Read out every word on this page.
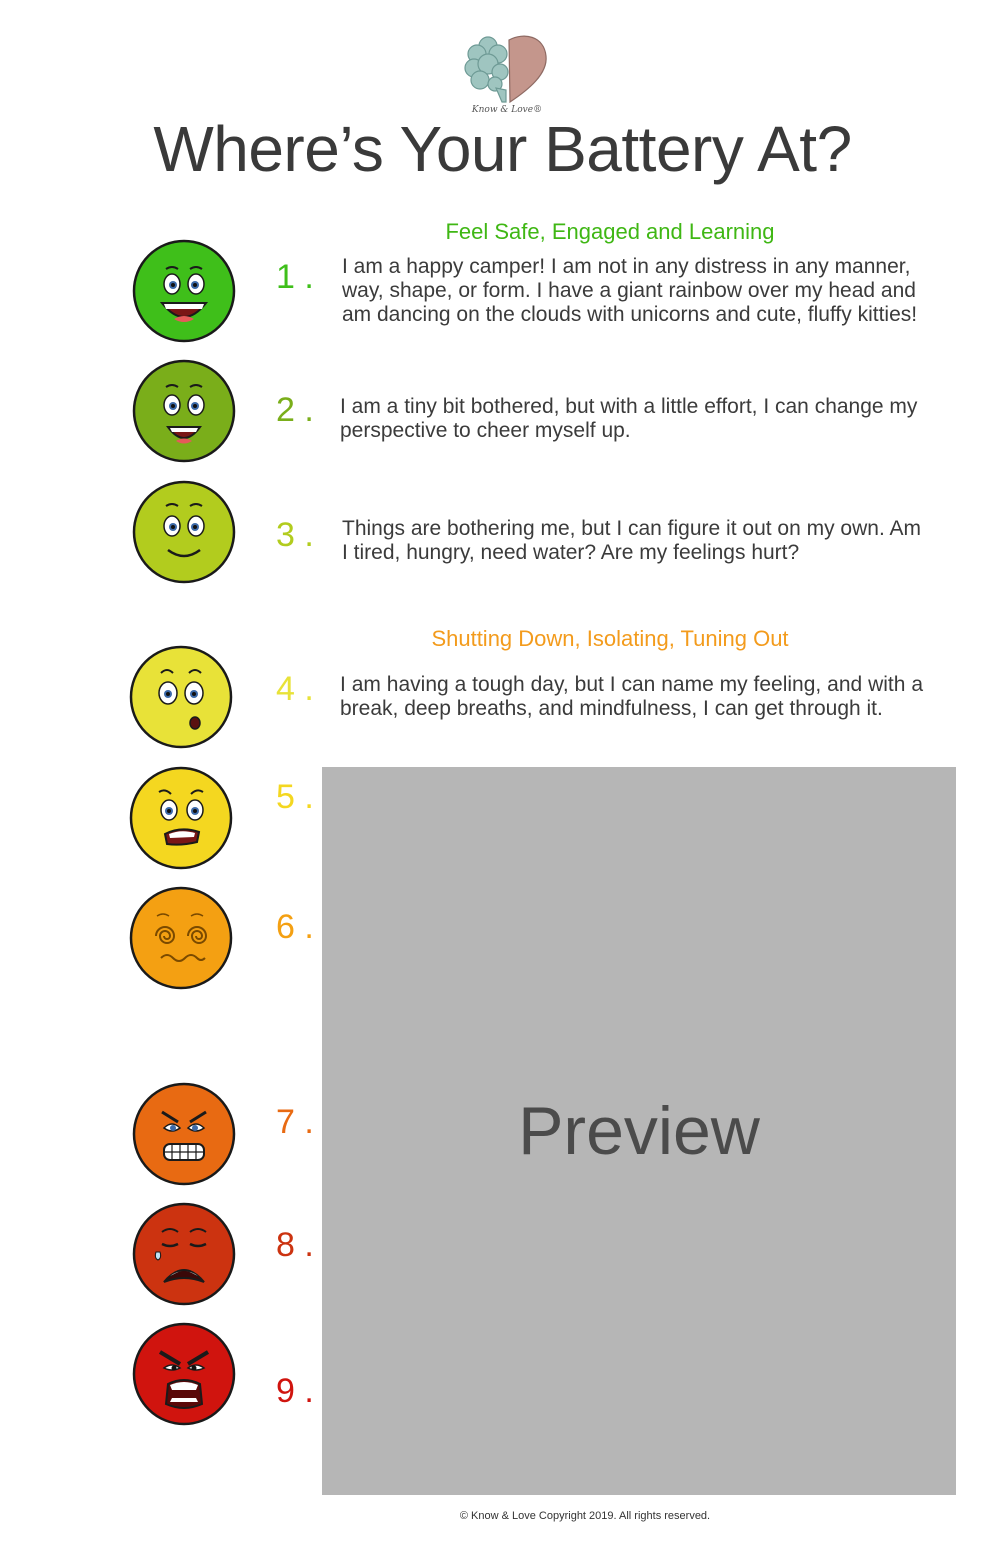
Know & Love®
Where’s Your Battery At?
Feel Safe, Engaged and Learning
Shutting Down, Isolating, Tuning Out
1 .	I am a happy camper! I am not in any distress in any manner, way, shape, or form. I have a giant rainbow over my head and am dancing on the clouds with unicorns and cute, fluffy kitties!
2 .	I am a tiny bit bothered, but with a little effort, I can change my perspective to cheer myself up.
3 .	Things are bothering me, but I can figure it out on my own. Am I tired, hungry, need water? Are my feelings hurt?
4 .	I am having a tough day, but I can name my feeling, and with a break, deep breaths, and mindfulness, I can get through it.
5 .
6 .
7 .
8 .
9 .
Preview
© Know & Love Copyright 2019. All rights reserved.
